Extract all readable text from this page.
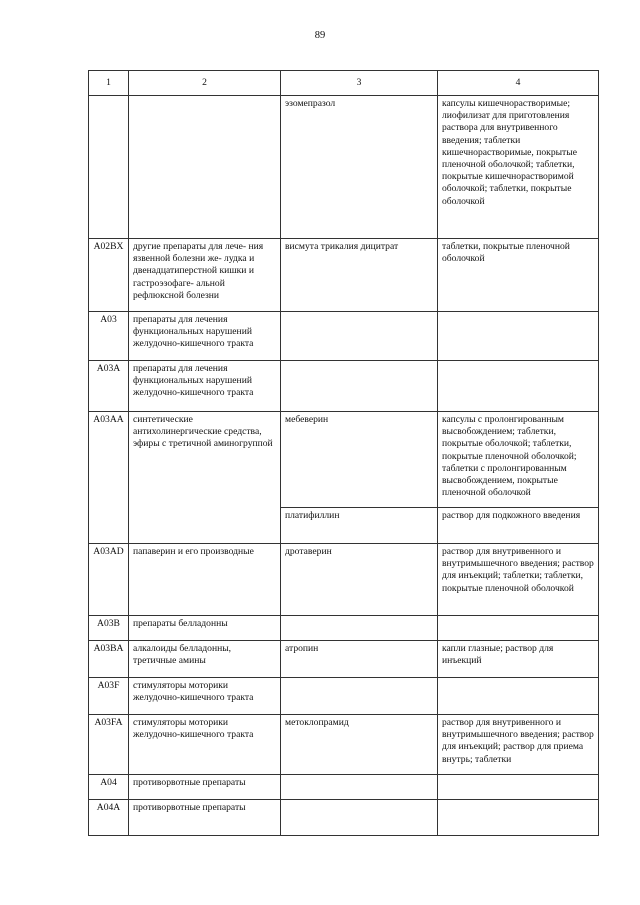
89
1	2	3	4
		эзомепразол	капсулы кишечнорастворимые; лиофилизат для приготовления раствора для внутривенного введения; таблетки кишечнорастворимые, покрытые пленочной оболочкой; таблетки, покрытые кишечнорастворимой оболочкой; таблетки, покрытые оболочкой
A02BX	другие препараты для лече- ния язвенной болезни же- лудка и двенадцатиперстной кишки и гастроэзофаге- альной рефлюксной болезни	висмута трикалия дицитрат	таблетки, покрытые пленочной оболочкой
A03	препараты для лечения функциональных нарушений желудочно-кишечного тракта		
A03A	препараты для лечения функциональных нарушений желудочно-кишечного тракта		
A03AA	синтетические антихолинергические средства, эфиры с третичной аминогруппой	мебеверин	капсулы с пролонгированным высвобождением; таблетки, покрытые оболочкой; таблетки, покрытые пленочной оболочкой; таблетки с пролонгированным высвобождением, покрытые пленочной оболочкой
		платифиллин	раствор для подкожного введения
A03AD	папаверин и его производные	дротаверин	раствор для внутривенного и внутримышечного введения; раствор для инъекций; таблетки; таблетки, покрытые пленочной оболочкой
A03B	препараты белладонны		
A03BA	алкалоиды белладонны, третичные амины	атропин	капли глазные; раствор для инъекций
A03F	стимуляторы моторики желудочно-кишечного тракта		
A03FA	стимуляторы моторики желудочно-кишечного тракта	метоклопрамид	раствор для внутривенного и внутримышечного введения; раствор для инъекций; раствор для приема внутрь; таблетки
A04	противорвотные препараты		
A04A	противорвотные препараты		
